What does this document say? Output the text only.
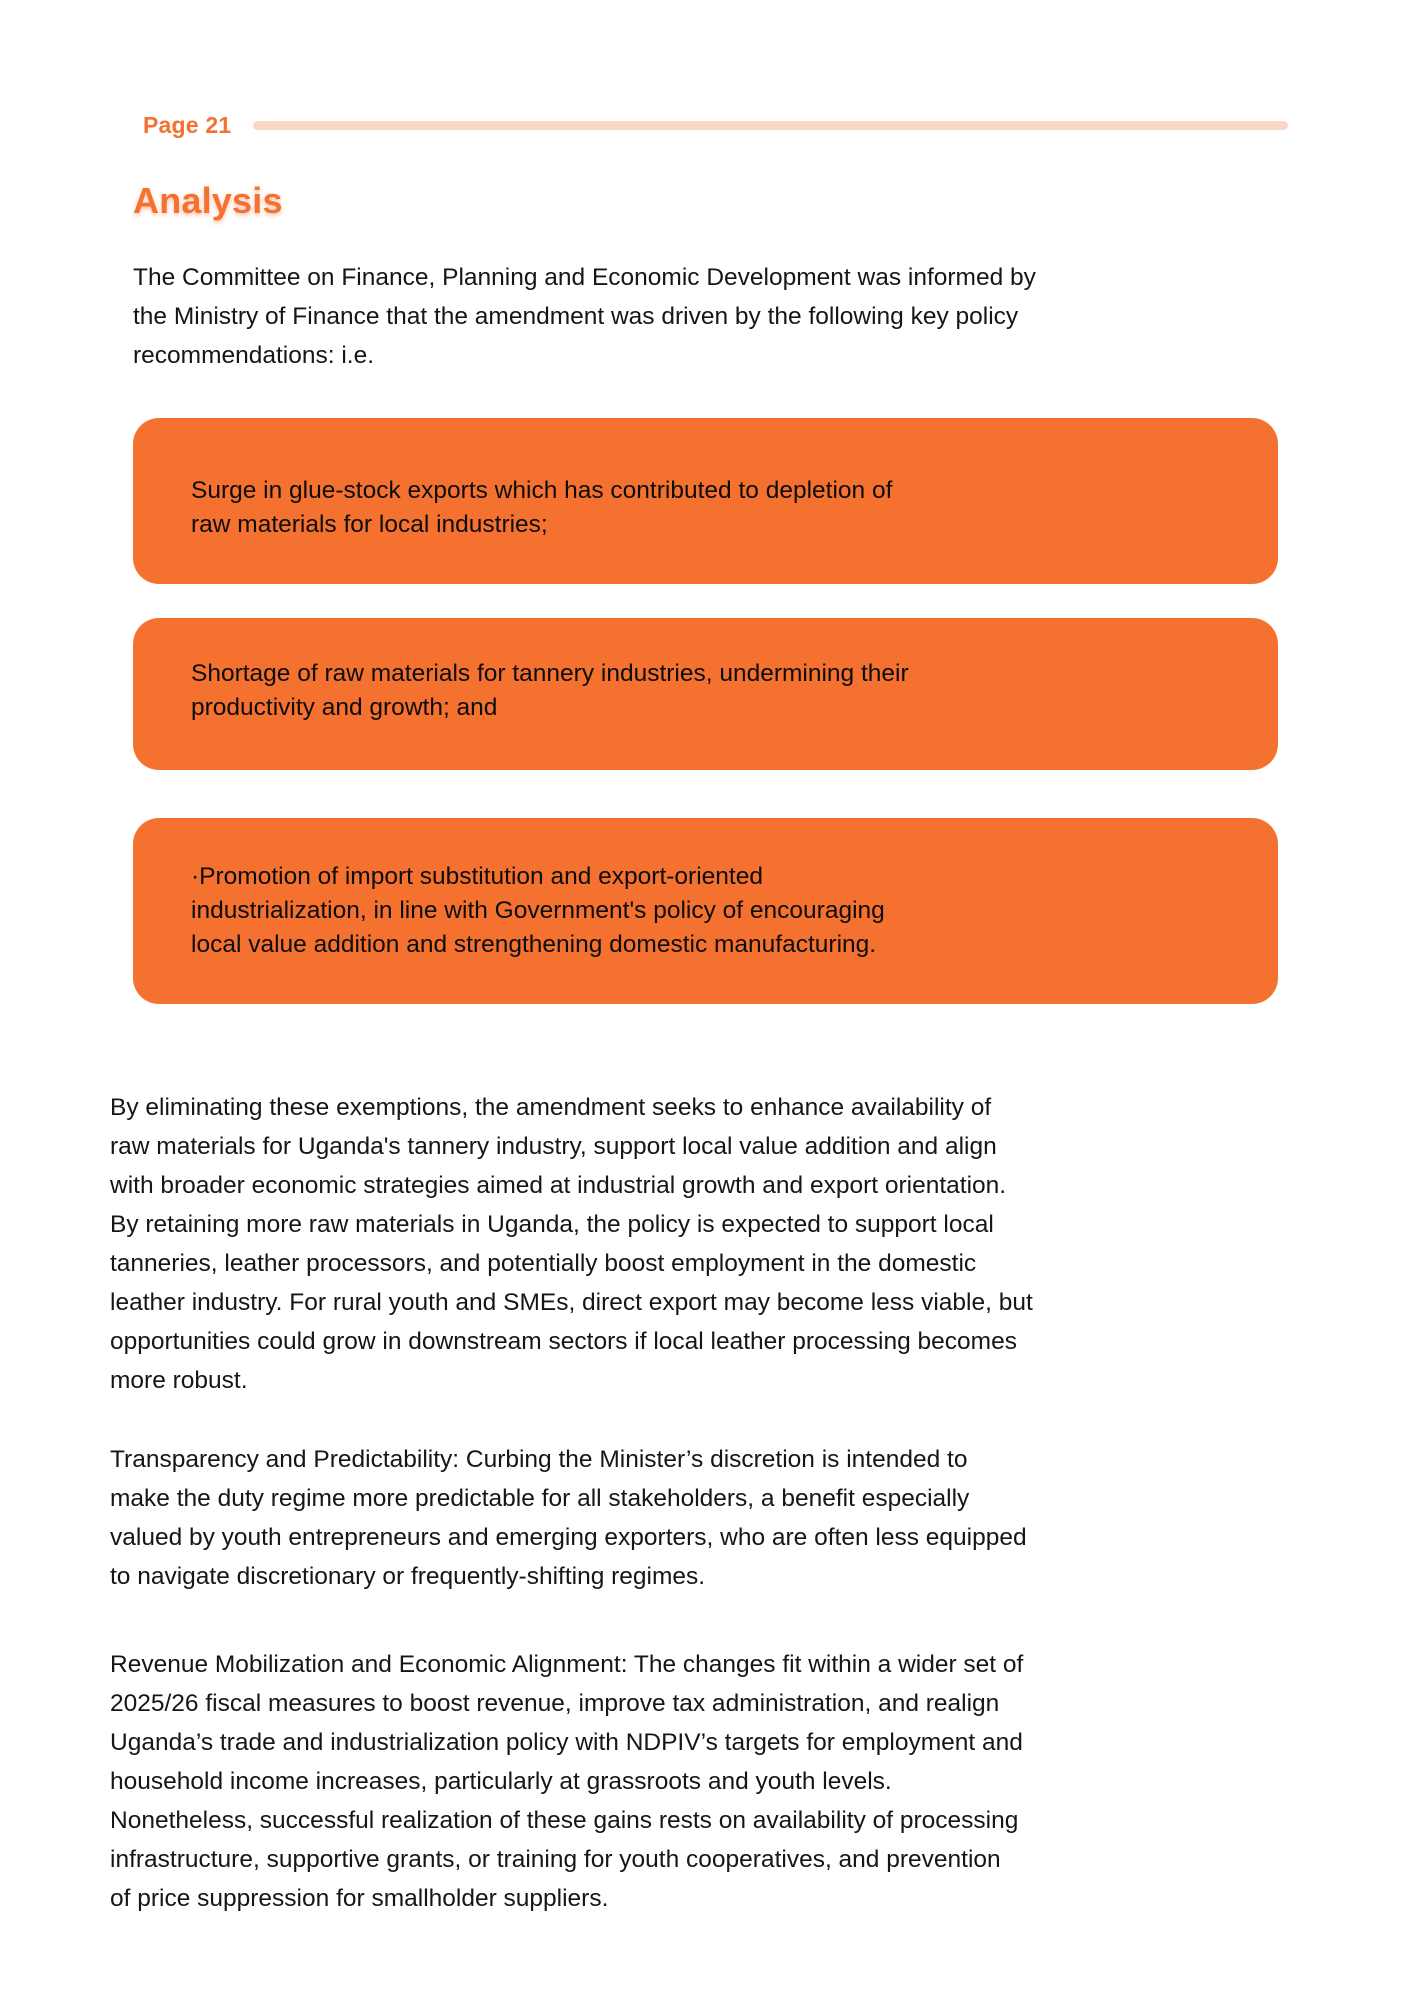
Page 21
Analysis
The Committee on Finance, Planning and Economic Development was informed by
the Ministry of Finance that the amendment was driven by the following key policy
recommendations: i.e.
Surge in glue-stock exports which has contributed to depletion of
raw materials for local industries;
Shortage of raw materials for tannery industries, undermining their
productivity and growth; and
·Promotion of import substitution and export-oriented
industrialization, in line with Government's policy of encouraging
local value addition and strengthening domestic manufacturing.
By eliminating these exemptions, the amendment seeks to enhance availability of
raw materials for Uganda's tannery industry, support local value addition and align
with broader economic strategies aimed at industrial growth and export orientation.
By retaining more raw materials in Uganda, the policy is expected to support local
tanneries, leather processors, and potentially boost employment in the domestic
leather industry. For rural youth and SMEs, direct export may become less viable, but
opportunities could grow in downstream sectors if local leather processing becomes
more robust.
Transparency and Predictability: Curbing the Minister’s discretion is intended to
make the duty regime more predictable for all stakeholders, a benefit especially
valued by youth entrepreneurs and emerging exporters, who are often less equipped
to navigate discretionary or frequently-shifting regimes.
Revenue Mobilization and Economic Alignment: The changes fit within a wider set of
2025/26 fiscal measures to boost revenue, improve tax administration, and realign
Uganda’s trade and industrialization policy with NDPIV’s targets for employment and
household income increases, particularly at grassroots and youth levels.
Nonetheless, successful realization of these gains rests on availability of processing
infrastructure, supportive grants, or training for youth cooperatives, and prevention
of price suppression for smallholder suppliers.
